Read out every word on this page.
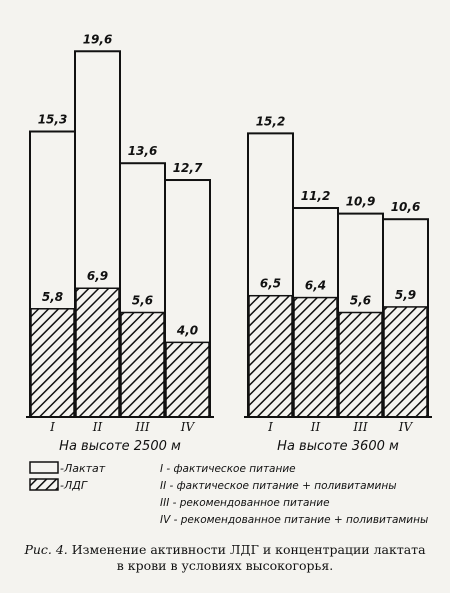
15,3
5,8
I
19,6
6,9
II
13,6
5,6
III
12,7
4,0
IV
На высоте 2500 м
15,2
6,5
I
11,2
6,4
II
10,9
5,6
III
10,6
5,9
IV
На высоте 3600 м
-Лактат
-ЛДГ
I - фактическое питание
II - фактическое питание + поливитамины
III - рекомендованное питание
IV - рекомендованное питание + поливитамины
Рис. 4. Изменение активности ЛДГ и концентрации лактата в крови в условиях высокогорья.
